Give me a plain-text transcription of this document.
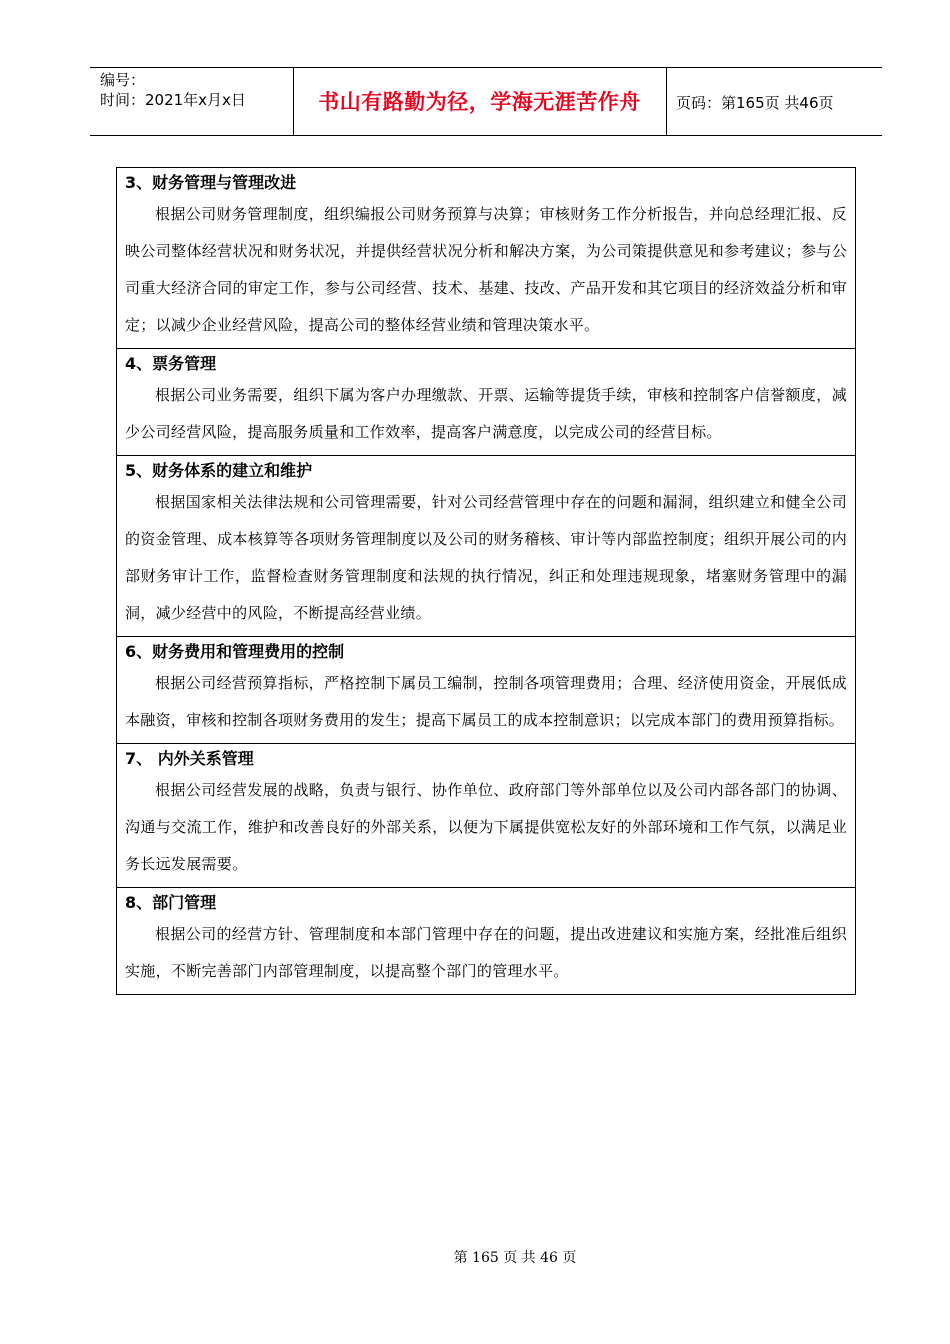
编号：
时间：2021年x月x日	书山有路勤为径，学海无涯苦作舟	页码：第165页 共46页

3、财务管理与管理改进

根据公司财务管理制度，组织编报公司财务预算与决算；审核财务工作分析报告，并向总经理汇报、反映公司整体经营状况和财务状况，并提供经营状况分析和解决方案，为公司策提供意见和参考建议；参与公司重大经济合同的审定工作，参与公司经营、技术、基建、技改、产品开发和其它项目的经济效益分析和审定；以减少企业经营风险，提高公司的整体经营业绩和管理决策水平。

4、票务管理

根据公司业务需要，组织下属为客户办理缴款、开票、运输等提货手续，审核和控制客户信誉额度，减少公司经营风险，提高服务质量和工作效率，提高客户满意度，以完成公司的经营目标。

5、财务体系的建立和维护

根据国家相关法律法规和公司管理需要，针对公司经营管理中存在的问题和漏洞，组织建立和健全公司的资金管理、成本核算等各项财务管理制度以及公司的财务稽核、审计等内部监控制度；组织开展公司的内部财务审计工作，监督检查财务管理制度和法规的执行情况，纠正和处理违规现象，堵塞财务管理中的漏洞，减少经营中的风险，不断提高经营业绩。

6、财务费用和管理费用的控制

根据公司经营预算指标，严格控制下属员工编制，控制各项管理费用；合理、经济使用资金，开展低成本融资，审核和控制各项财务费用的发生；提高下属员工的成本控制意识；以完成本部门的费用预算指标。

7、 内外关系管理

根据公司经营发展的战略，负责与银行、协作单位、政府部门等外部单位以及公司内部各部门的协调、沟通与交流工作，维护和改善良好的外部关系，以便为下属提供宽松友好的外部环境和工作气氛，以满足业务长远发展需要。

8、部门管理

根据公司的经营方针、管理制度和本部门管理中存在的问题，提出改进建议和实施方案，经批准后组织实施，不断完善部门内部管理制度，以提高整个部门的管理水平。

第 165 页 共 46 页
